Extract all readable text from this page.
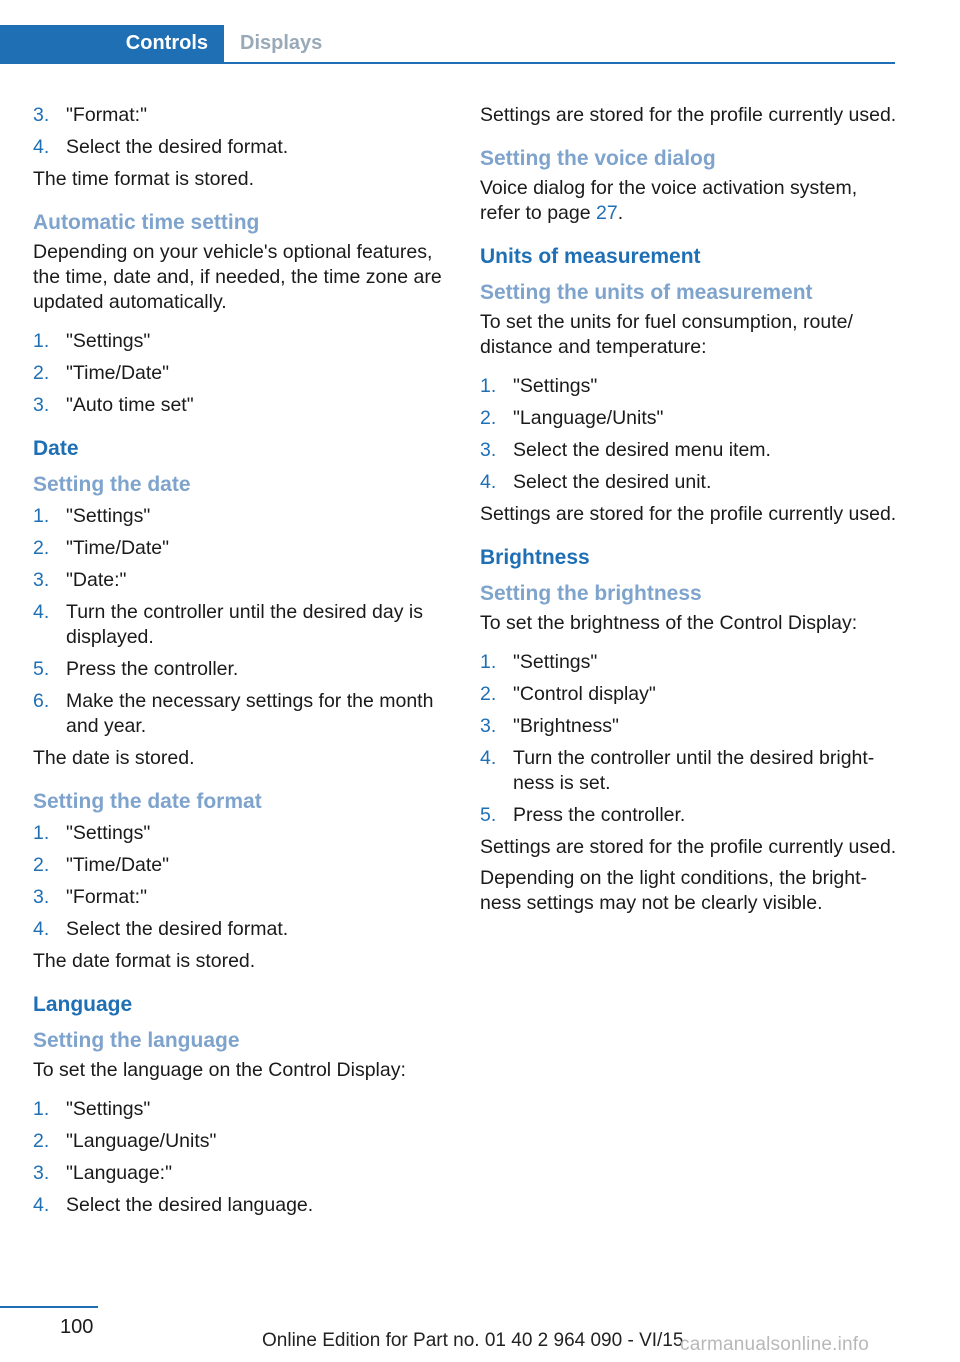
Controls Displays
3. "Format:"
4. Select the desired format.

The time format is stored.

Automatic time setting

Depending on your vehicle's optional features, the time, date and, if needed, the time zone are updated automatically.

1. "Settings"
2. "Time/Date"
3. "Auto time set"
Date
Setting the date
1. "Settings"
2. "Time/Date"
3. "Date:"
4. Turn the controller until the desired day is displayed.
5. Press the controller.
6. Make the necessary settings for the month and year.

The date is stored.

Setting the date format
1. "Settings"
2. "Time/Date"
3. "Format:"
4. Select the desired format.

The date format is stored.

Language
Setting the language

To set the language on the Control Display:

1. "Settings"
2. "Language/Units"
3. "Language:"
4. Select the desired language.

Settings are stored for the profile currently used.

Setting the voice dialog

Voice dialog for the voice activation system, refer to page 27.

Units of measurement
Setting the units of measurement

To set the units for fuel consumption, route/ distance and temperature:

1. "Settings"
2. "Language/Units"
3. Select the desired menu item.
4. Select the desired unit.

Settings are stored for the profile currently used.

Brightness
Setting the brightness

To set the brightness of the Control Display:

1. "Settings"
2. "Control display"
3. "Brightness"
4. Turn the controller until the desired bright‐ ness is set.
5. Press the controller.

Settings are stored for the profile currently used.

Depending on the light conditions, the bright‐ ness settings may not be clearly visible.

100
Online Edition for Part no. 01 40 2 964 090 - VI/15
carmanualsonline.info
